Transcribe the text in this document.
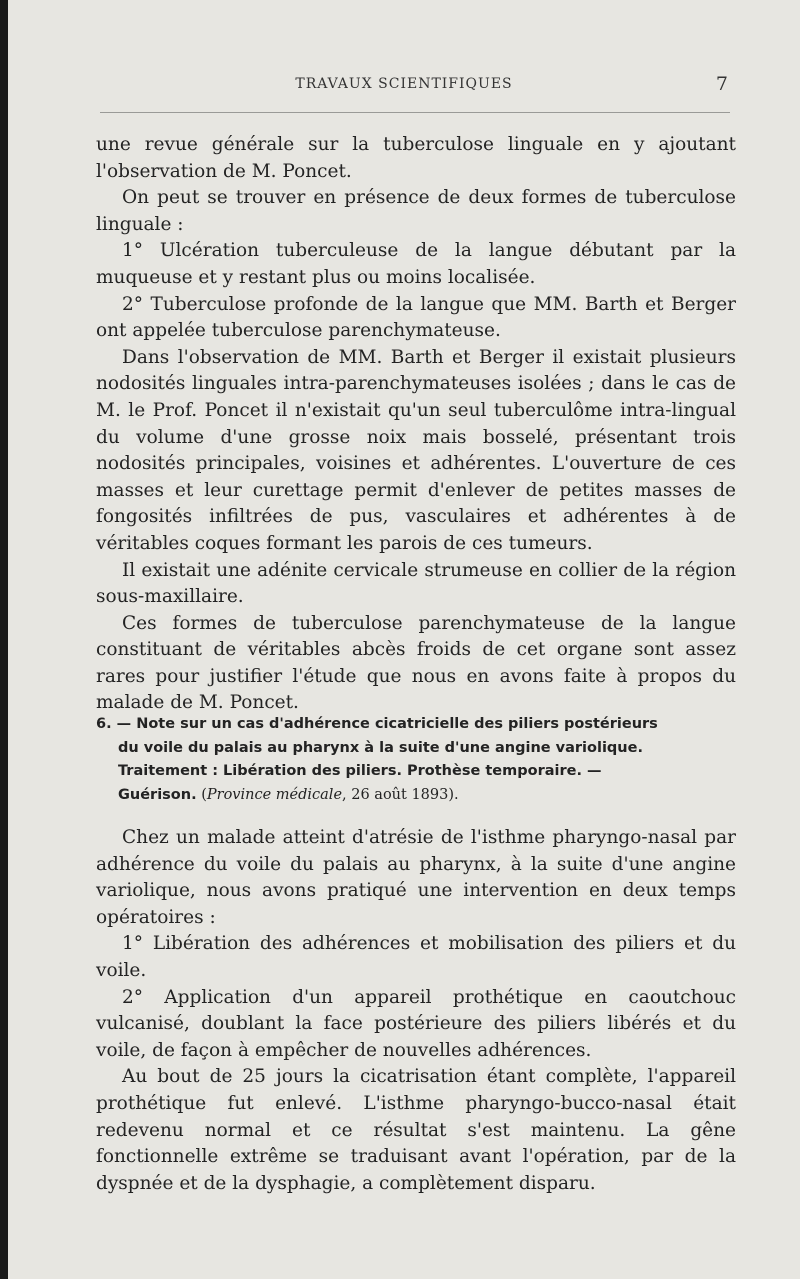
TRAVAUX SCIENTIFIQUES	7

une revue générale sur la tuberculose linguale en y ajoutant l'observation de M. Poncet.

On peut se trouver en présence de deux formes de tuberculose linguale :

1° Ulcération tuberculeuse de la langue débutant par la muqueuse et y restant plus ou moins localisée.

2° Tuberculose profonde de la langue que MM. Barth et Berger ont appelée tuberculose parenchymateuse.

Dans l'observation de MM. Barth et Berger il existait plusieurs nodosités linguales intra-parenchymateuses isolées ; dans le cas de M. le Prof. Poncet il n'existait qu'un seul tuberculôme intra-lingual du volume d'une grosse noix mais bosselé, présentant trois nodosités principales, voisines et adhérentes. L'ouverture de ces masses et leur curettage permit d'enlever de petites masses de fongosités infiltrées de pus, vasculaires et adhérentes à de véritables coques formant les parois de ces tumeurs.

Il existait une adénite cervicale strumeuse en collier de la région sous-maxillaire.

Ces formes de tuberculose parenchymateuse de la langue constituant de véritables abcès froids de cet organe sont assez rares pour justifier l'étude que nous en avons faite à propos du malade de M. Poncet.

6. — Note sur un cas d'adhérence cicatricielle des piliers postérieurs
du voile du palais au pharynx à la suite d'une angine variolique.
Traitement : Libération des piliers. Prothèse temporaire. —
Guérison. (Province médicale, 26 août 1893).

Chez un malade atteint d'atrésie de l'isthme pharyngo-nasal par adhérence du voile du palais au pharynx, à la suite d'une angine variolique, nous avons pratiqué une intervention en deux temps opératoires :

1° Libération des adhérences et mobilisation des piliers et du voile.

2° Application d'un appareil prothétique en caoutchouc vulcanisé, doublant la face postérieure des piliers libérés et du voile, de façon à empêcher de nouvelles adhérences.

Au bout de 25 jours la cicatrisation étant complète, l'appareil prothétique fut enlevé. L'isthme pharyngo-bucco-nasal était redevenu normal et ce résultat s'est maintenu. La gêne fonctionnelle extrême se traduisant avant l'opération, par de la dyspnée et de la dysphagie, a complètement disparu.
